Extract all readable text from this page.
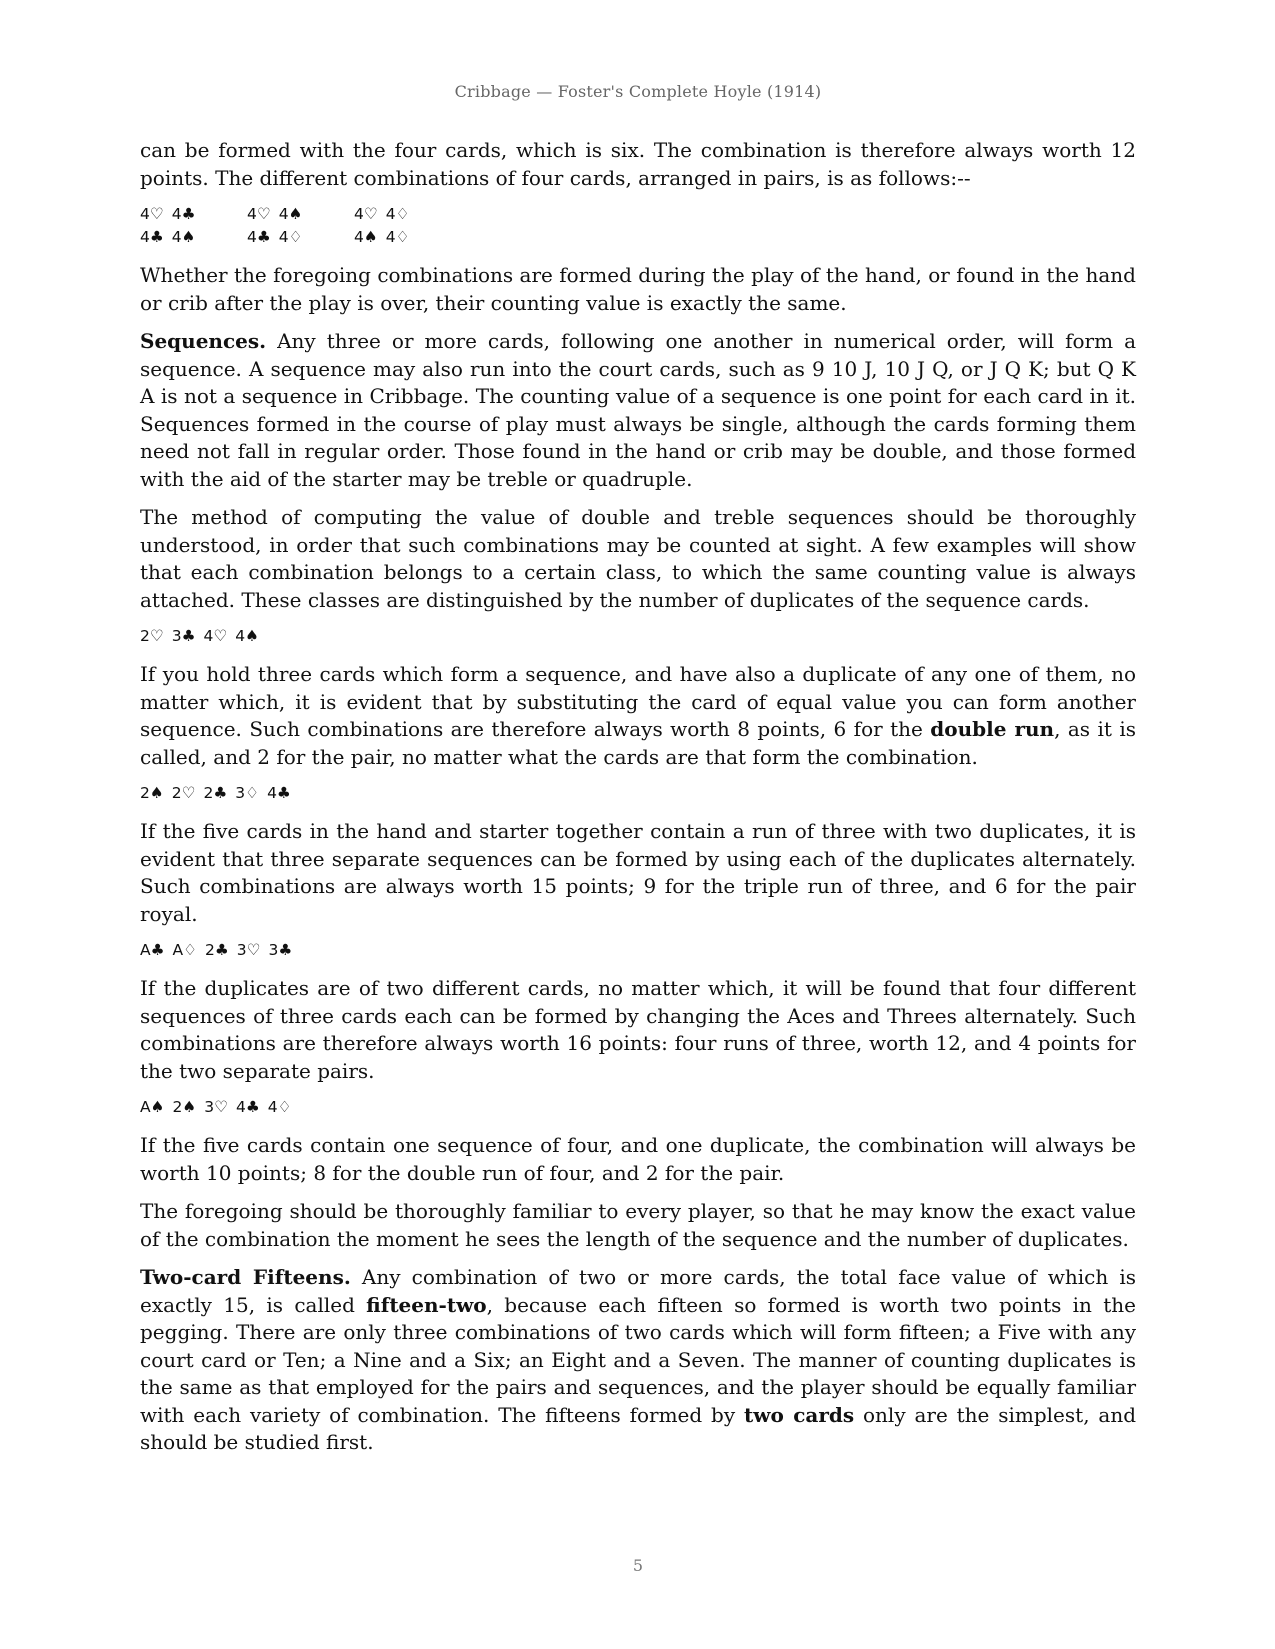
Cribbage — Foster's Complete Hoyle (1914)

can be formed with the four cards, which is six. The combination is therefore always worth 12 points. The different combinations of four cards, arranged in pairs, is as follows:--

4♡ 4♣	4♡ 4♠	4♡ 4♢
4♣ 4♠	4♣ 4♢	4♠ 4♢

Whether the foregoing combinations are formed during the play of the hand, or found in the hand or crib after the play is over, their counting value is exactly the same.

Sequences. Any three or more cards, following one another in numerical order, will form a sequence. A sequence may also run into the court cards, such as 9 10 J, 10 J Q, or J Q K; but Q K A is not a sequence in Cribbage. The counting value of a sequence is one point for each card in it. Sequences formed in the course of play must always be single, although the cards forming them need not fall in regular order. Those found in the hand or crib may be double, and those formed with the aid of the starter may be treble or quadruple.

The method of computing the value of double and treble sequences should be thoroughly understood, in order that such combinations may be counted at sight. A few examples will show that each combination belongs to a certain class, to which the same counting value is always attached. These classes are distinguished by the number of duplicates of the sequence cards.

2♡ 3♣ 4♡ 4♠

If you hold three cards which form a sequence, and have also a duplicate of any one of them, no matter which, it is evident that by substituting the card of equal value you can form another sequence. Such combinations are therefore always worth 8 points, 6 for the double run, as it is called, and 2 for the pair, no matter what the cards are that form the combination.

2♠ 2♡ 2♣ 3♢ 4♣

If the five cards in the hand and starter together contain a run of three with two duplicates, it is evident that three separate sequences can be formed by using each of the duplicates alternately. Such combinations are always worth 15 points; 9 for the triple run of three, and 6 for the pair royal.

A♣ A♢ 2♣ 3♡ 3♣

If the duplicates are of two different cards, no matter which, it will be found that four different sequences of three cards each can be formed by changing the Aces and Threes alternately. Such combinations are therefore always worth 16 points: four runs of three, worth 12, and 4 points for the two separate pairs.

A♠ 2♠ 3♡ 4♣ 4♢

If the five cards contain one sequence of four, and one duplicate, the combination will always be worth 10 points; 8 for the double run of four, and 2 for the pair.

The foregoing should be thoroughly familiar to every player, so that he may know the exact value of the combination the moment he sees the length of the sequence and the number of duplicates.

Two-card Fifteens. Any combination of two or more cards, the total face value of which is exactly 15, is called fifteen-two, because each fifteen so formed is worth two points in the pegging. There are only three combinations of two cards which will form fifteen; a Five with any court card or Ten; a Nine and a Six; an Eight and a Seven. The manner of counting duplicates is the same as that employed for the pairs and sequences, and the player should be equally familiar with each variety of combination. The fifteens formed by two cards only are the simplest, and should be studied first.

5
